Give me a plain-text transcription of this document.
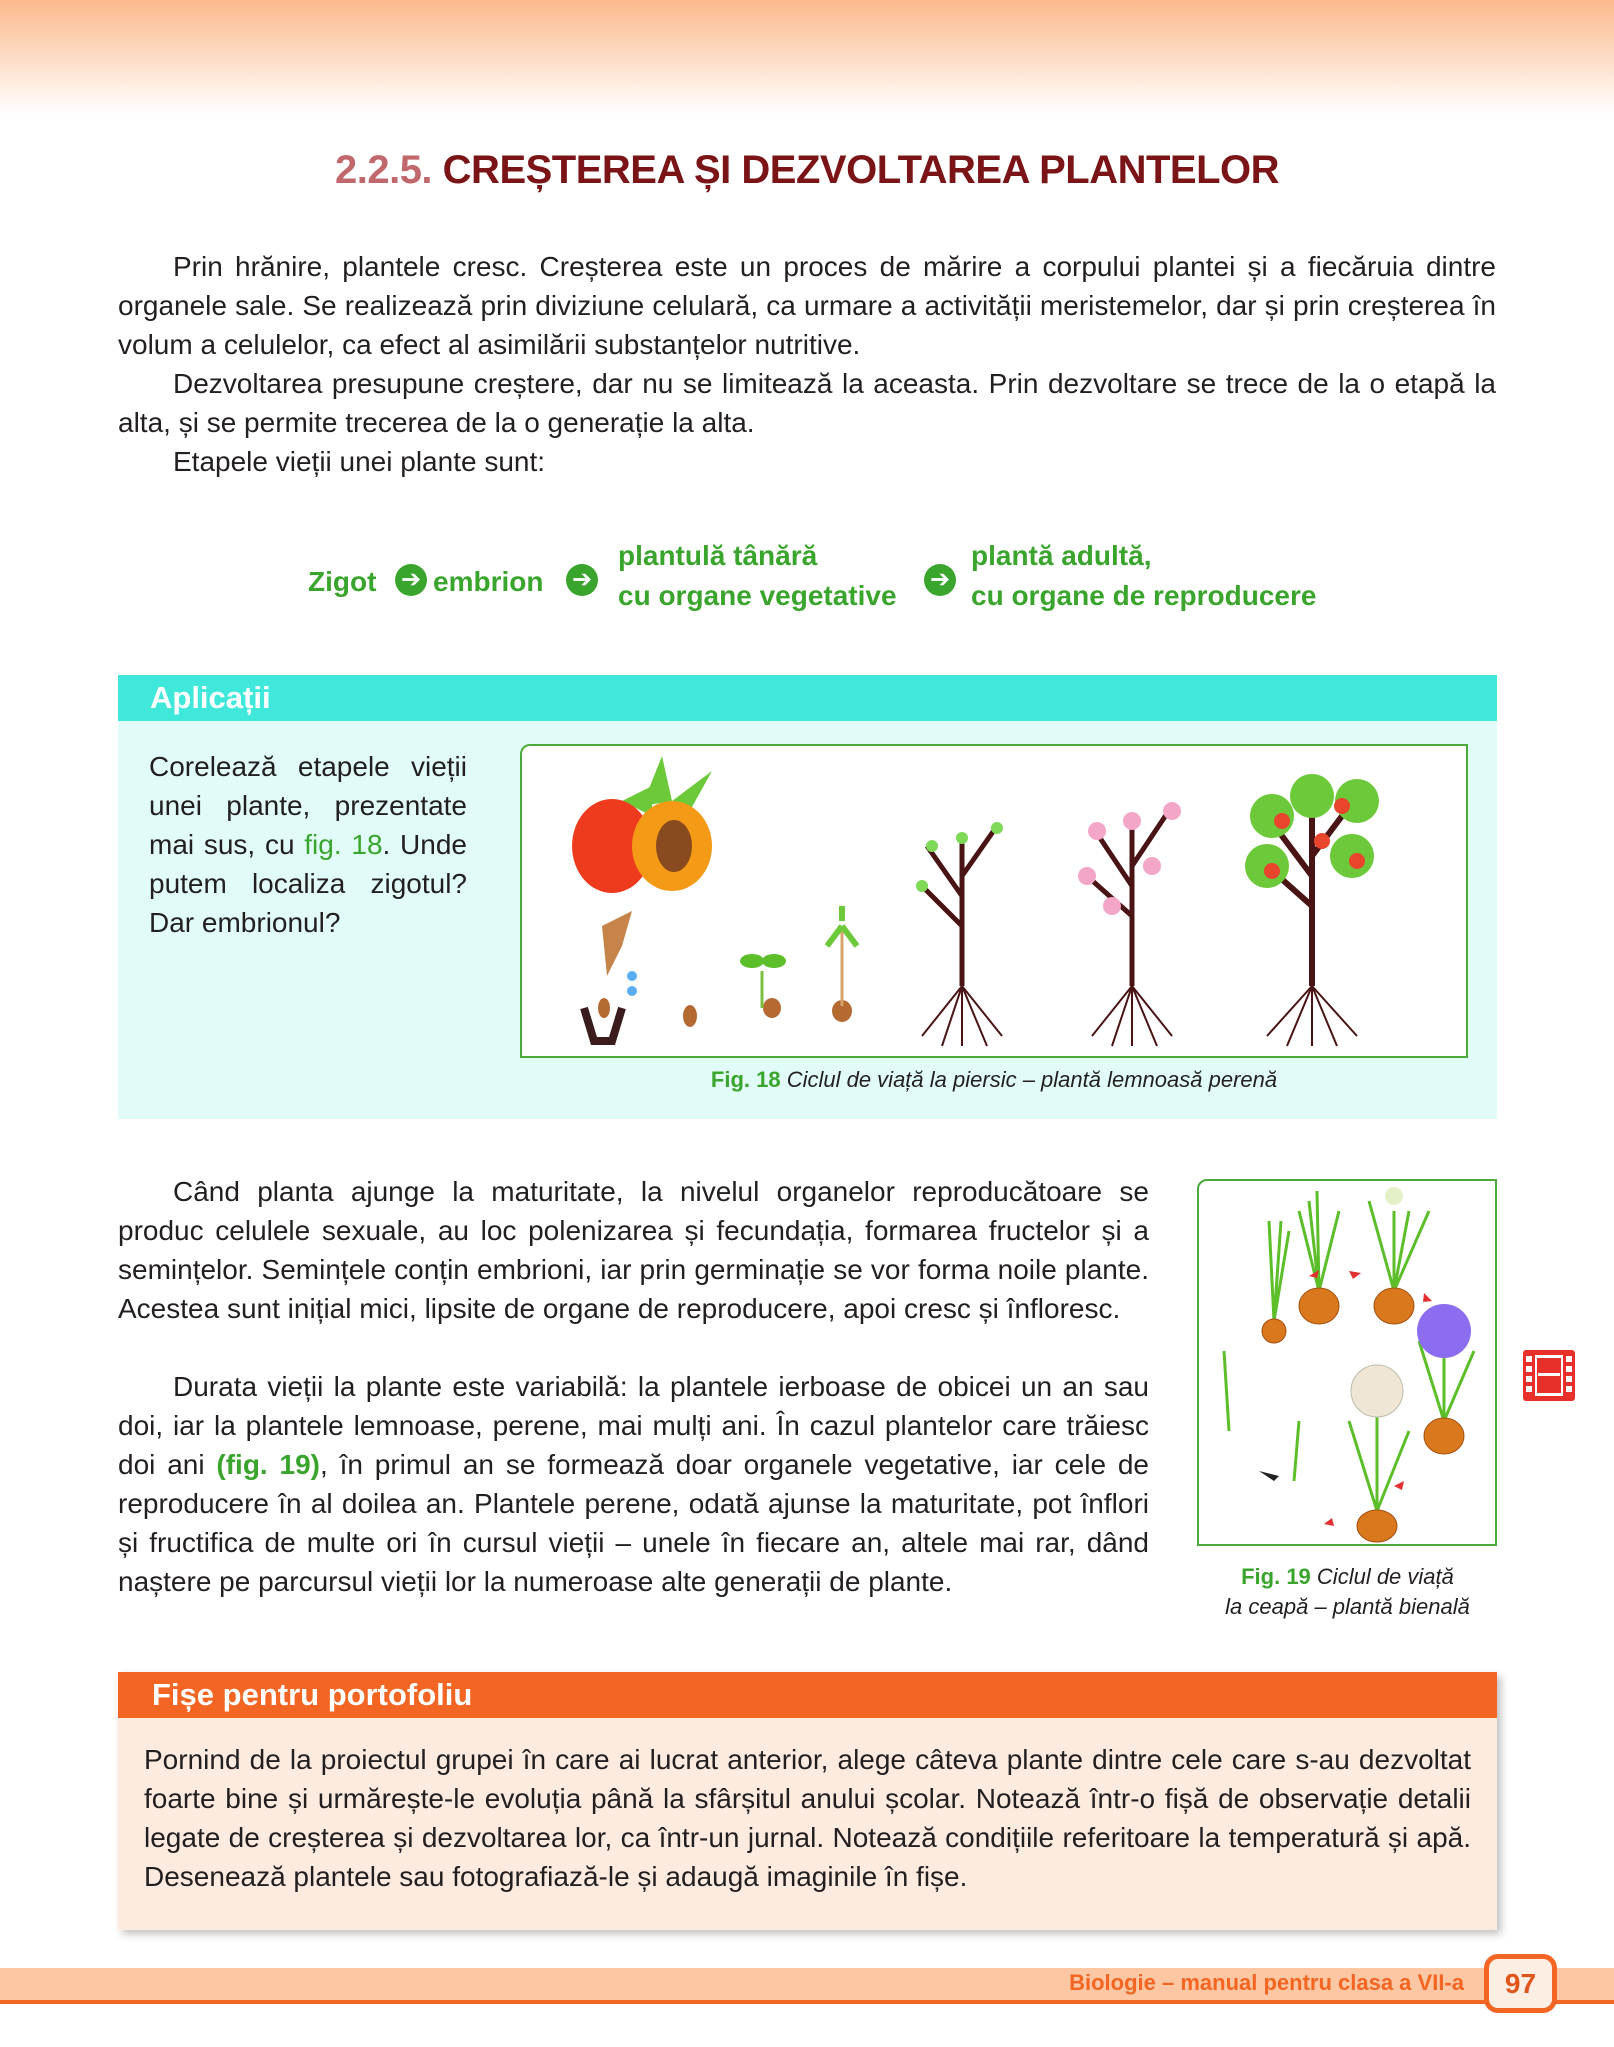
2.2.5. CREȘTEREA ȘI DEZVOLTAREA PLANTELOR

Prin hrănire, plantele cresc. Creșterea este un proces de mărire a corpului plantei și a fiecăruia dintre organele sale. Se realizează prin diviziune celulară, ca urmare a activității meristemelor, dar și prin creșterea în volum a celulelor, ca efect al asimilării substanțelor nutritive.

Dezvoltarea presupune creștere, dar nu se limitează la aceasta. Prin dezvoltare se trece de la o etapă la alta, și se permite trecerea de la o generație la alta.

Etapele vieții unei plante sunt:

Zigot ➔ embrion ➔
plantulă tânără
cu organe vegetative
➔
plantă adultă,
cu organe de reproducere
Aplicații

Corelează etapele vieții unei plante, prezentate mai sus, cu fig. 18. Unde putem localiza zigotul? Dar embrionul?

Fig. 18 Ciclul de viață la piersic – plantă lemnoasă perenă

Când planta ajunge la maturitate, la nivelul organelor reproducătoare se produc celulele sexuale, au loc polenizarea și fecundația, formarea fructelor și a semințelor. Semințele conțin embrioni, iar prin germinație se vor forma noile plante. Acestea sunt inițial mici, lipsite de organe de reproducere, apoi cresc și înfloresc.

Durata vieții la plante este variabilă: la plantele ierboase de obicei un an sau doi, iar la plantele lemnoase, perene, mai mulți ani. În cazul plantelor care trăiesc doi ani (fig. 19), în primul an se formează doar organele vegetative, iar cele de reproducere în al doilea an. Plantele perene, odată ajunse la maturitate, pot înflori și fructifica de multe ori în cursul vieții – unele în fiecare an, altele mai rar, dând naștere pe parcursul vieții lor la numeroase alte generații de plante.	Fig. 19 Ciclul de viață
la ceapă – plantă bienală

Fișe pentru portofoliu

Pornind de la proiectul grupei în care ai lucrat anterior, alege câteva plante dintre cele care s-au dezvoltat foarte bine și urmărește-le evoluția până la sfârșitul anului școlar. Notează într-o fișă de observație detalii legate de creșterea și dezvoltarea lor, ca într-un jurnal. Notează condițiile referitoare la temperatură și apă. Desenează plantele sau fotografiază-le și adaugă imaginile în fișe.

Biologie – manual pentru clasa a VII-a	97
